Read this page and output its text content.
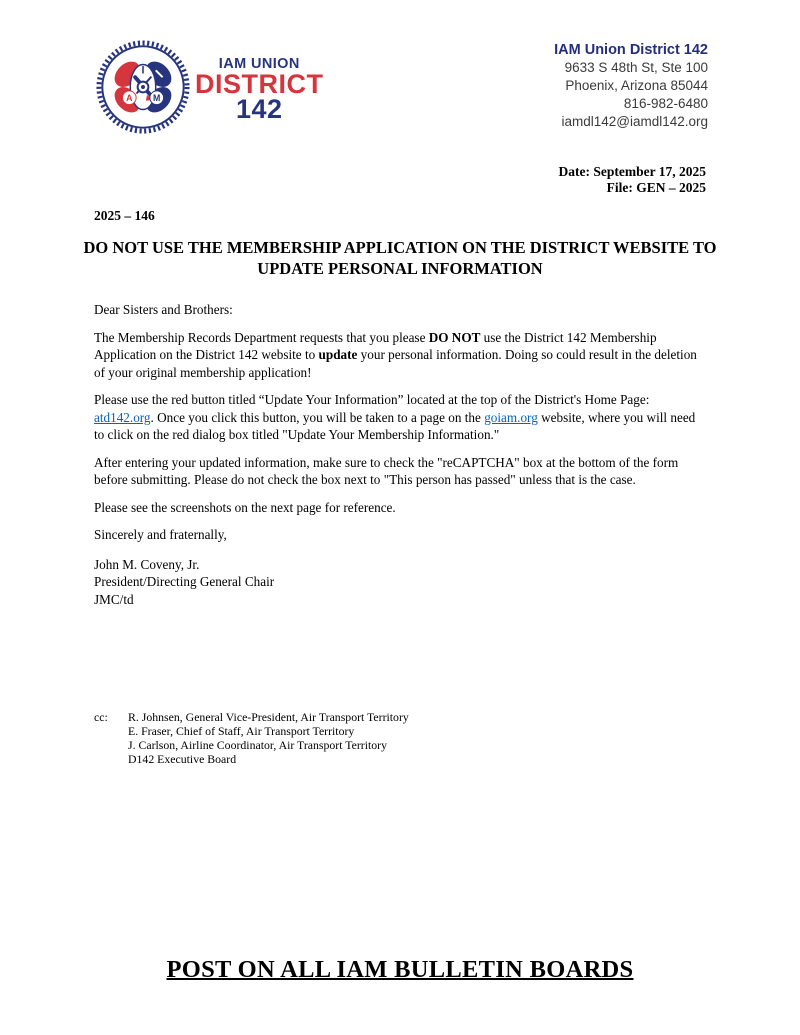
I
A M
IAM UNION
DISTRICT
142
IAM Union District 142
9633 S 48th St, Ste 100
Phoenix, Arizona 85044
816-982-6480
iamdl142@iamdl142.org
Date: September 17, 2025
File: GEN – 2025
2025 – 146
DO NOT USE THE MEMBERSHIP APPLICATION ON THE DISTRICT WEBSITE TO UPDATE PERSONAL INFORMATION

Dear Sisters and Brothers:

The Membership Records Department requests that you please DO NOT use the District 142 Membership Application on the District 142 website to update your personal information. Doing so could result in the deletion of your original membership application!

Please use the red button titled “Update Your Information” located at the top of the District's Home Page: atd142.org. Once you click this button, you will be taken to a page on the goiam.org website, where you will need to click on the red dialog box titled "Update Your Membership Information."

After entering your updated information, make sure to check the "reCAPTCHA" box at the bottom of the form before submitting. Please do not check the box next to "This person has passed" unless that is the case.

Please see the screenshots on the next page for reference.

Sincerely and fraternally,

John M. Coveny, Jr.

President/Directing General Chair

JMC/td

cc:	R. Johnsen, General Vice-President, Air Transport Territory
E. Fraser, Chief of Staff, Air Transport Territory
J. Carlson, Airline Coordinator, Air Transport Territory
D142 Executive Board
POST ON ALL IAM BULLETIN BOARDS
